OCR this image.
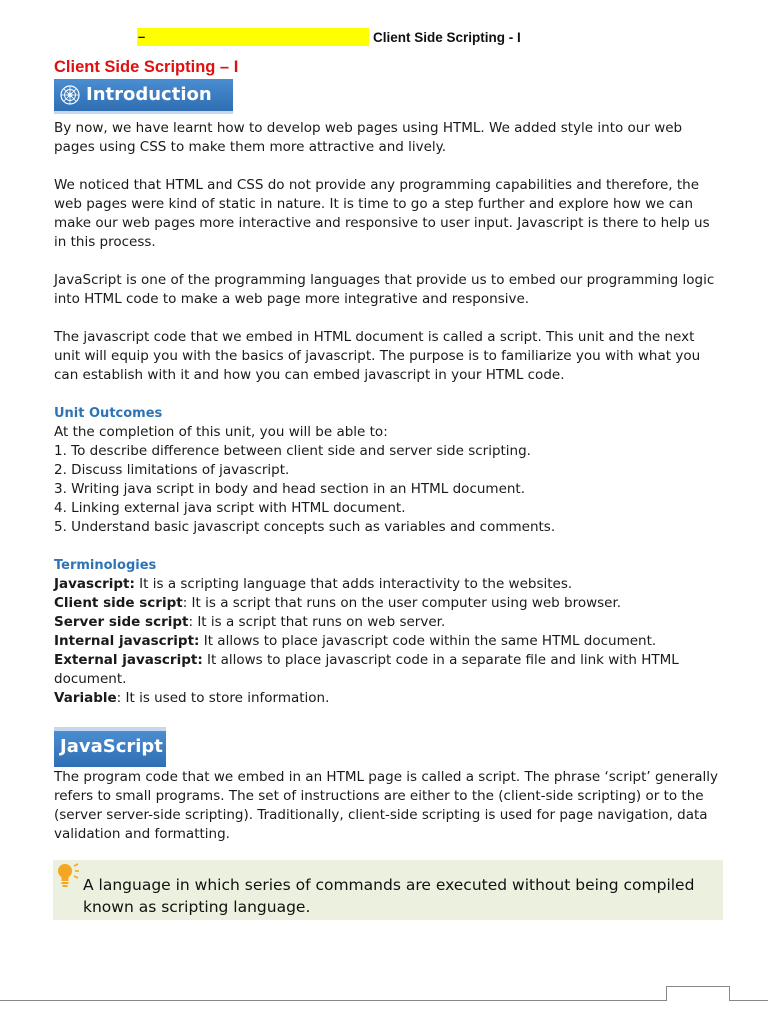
–	Client Side Scripting - I
Client Side Scripting – I
Introduction

By now, we have learnt how to develop web pages using HTML. We added style into our web pages using CSS to make them more attractive and lively.

We noticed that HTML and CSS do not provide any programming capabilities and therefore, the web pages were kind of static in nature. It is time to go a step further and explore how we can make our web pages more interactive and responsive to user input. Javascript is there to help us in this process.

JavaScript is one of the programming languages that provide us to embed our programming logic into HTML code to make a web page more integrative and responsive.

The javascript code that we embed in HTML document is called a script. This unit and the next unit will equip you with the basics of javascript. The purpose is to familiarize you with what you can establish with it and how you can embed javascript in your HTML code.

Unit Outcomes
At the completion of this unit, you will be able to:
1. To describe difference between client side and server side scripting.
2. Discuss limitations of javascript.
3. Writing java script in body and head section in an HTML document.
4. Linking external java script with HTML document.
5. Understand basic javascript concepts such as variables and comments.
Terminologies
Javascript: It is a scripting language that adds interactivity to the websites.
Client side script: It is a script that runs on the user computer using web browser.
Server side script: It is a script that runs on web server.
Internal javascript: It allows to place javascript code within the same HTML document.
External javascript: It allows to place javascript code in a separate file and link with HTML document.
Variable: It is used to store information.
JavaScript
The program code that we embed in an HTML page is called a script. The phrase ‘script’ generally refers to small programs. The set of instructions are either to the (client-side scripting) or to the (server server-side scripting). Traditionally, client-side scripting is used for page navigation, data validation and formatting.
A language in which series of commands are executed without being compiled known as scripting language.
